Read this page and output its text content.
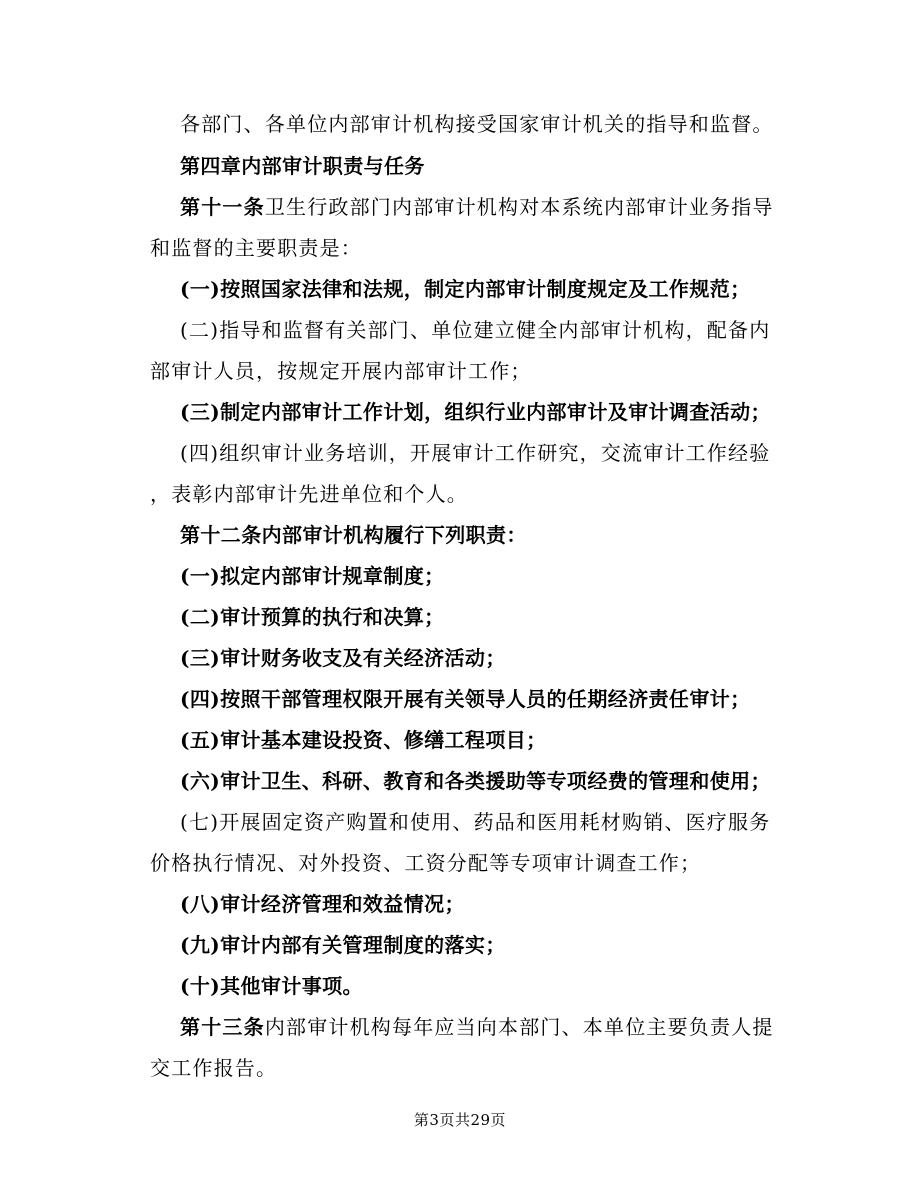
各部门、各单位内部审计机构接受国家审计机关的指导和监督。

第四章内部审计职责与任务

第十一条卫生行政部门内部审计机构对本系统内部审计业务指导

和监督的主要职责是：

(一)按照国家法律和法规，制定内部审计制度规定及工作规范；

(二)指导和监督有关部门、单位建立健全内部审计机构，配备内

部审计人员，按规定开展内部审计工作；

(三)制定内部审计工作计划，组织行业内部审计及审计调查活动；

(四)组织审计业务培训，开展审计工作研究，交流审计工作经验

，表彰内部审计先进单位和个人。

第十二条内部审计机构履行下列职责：

(一)拟定内部审计规章制度；

(二)审计预算的执行和决算；

(三)审计财务收支及有关经济活动；

(四)按照干部管理权限开展有关领导人员的任期经济责任审计；

(五)审计基本建设投资、修缮工程项目；

(六)审计卫生、科研、教育和各类援助等专项经费的管理和使用；

(七)开展固定资产购置和使用、药品和医用耗材购销、医疗服务

价格执行情况、对外投资、工资分配等专项审计调查工作；

(八)审计经济管理和效益情况；

(九)审计内部有关管理制度的落实；

(十)其他审计事项。

第十三条内部审计机构每年应当向本部门、本单位主要负责人提

交工作报告。

第3页共29页
